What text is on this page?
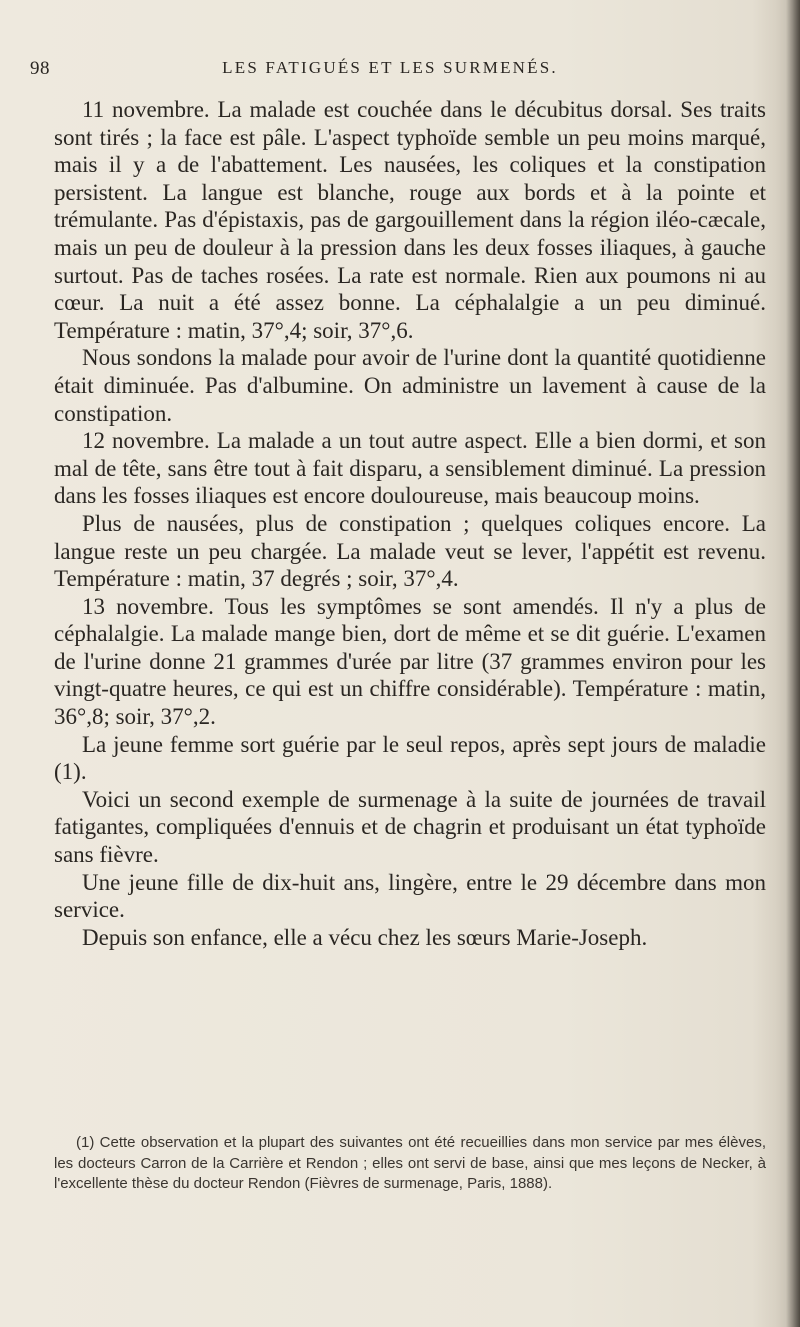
98	LES FATIGUÉS ET LES SURMENÉS.

11 novembre. La malade est couchée dans le décubitus dorsal. Ses traits sont tirés ; la face est pâle. L'aspect typhoïde semble un peu moins marqué, mais il y a de l'abattement. Les nausées, les coliques et la constipation persistent. La langue est blanche, rouge aux bords et à la pointe et trémulante. Pas d'épistaxis, pas de gargouillement dans la région iléo-cæcale, mais un peu de douleur à la pression dans les deux fosses iliaques, à gauche surtout. Pas de taches rosées. La rate est normale. Rien aux poumons ni au cœur. La nuit a été assez bonne. La céphalalgie a un peu diminué. Température : matin, 37°,4; soir, 37°,6.

Nous sondons la malade pour avoir de l'urine dont la quantité quotidienne était diminuée. Pas d'albumine. On administre un lavement à cause de la constipation.

12 novembre. La malade a un tout autre aspect. Elle a bien dormi, et son mal de tête, sans être tout à fait disparu, a sensiblement diminué. La pression dans les fosses iliaques est encore douloureuse, mais beaucoup moins.

Plus de nausées, plus de constipation ; quelques coliques encore. La langue reste un peu chargée. La malade veut se lever, l'appétit est revenu. Température : matin, 37 degrés ; soir, 37°,4.

13 novembre. Tous les symptômes se sont amendés. Il n'y a plus de céphalalgie. La malade mange bien, dort de même et se dit guérie. L'examen de l'urine donne 21 grammes d'urée par litre (37 grammes environ pour les vingt-quatre heures, ce qui est un chiffre considérable). Température : matin, 36°,8; soir, 37°,2.

La jeune femme sort guérie par le seul repos, après sept jours de maladie (1).

Voici un second exemple de surmenage à la suite de journées de travail fatigantes, compliquées d'ennuis et de chagrin et produisant un état typhoïde sans fièvre.

Une jeune fille de dix-huit ans, lingère, entre le 29 décembre dans mon service.

Depuis son enfance, elle a vécu chez les sœurs Marie-Joseph.

(1) Cette observation et la plupart des suivantes ont été recueillies dans mon service par mes élèves, les docteurs Carron de la Carrière et Rendon ; elles ont servi de base, ainsi que mes leçons de Necker, à l'excellente thèse du docteur Rendon (Fièvres de surmenage, Paris, 1888).
